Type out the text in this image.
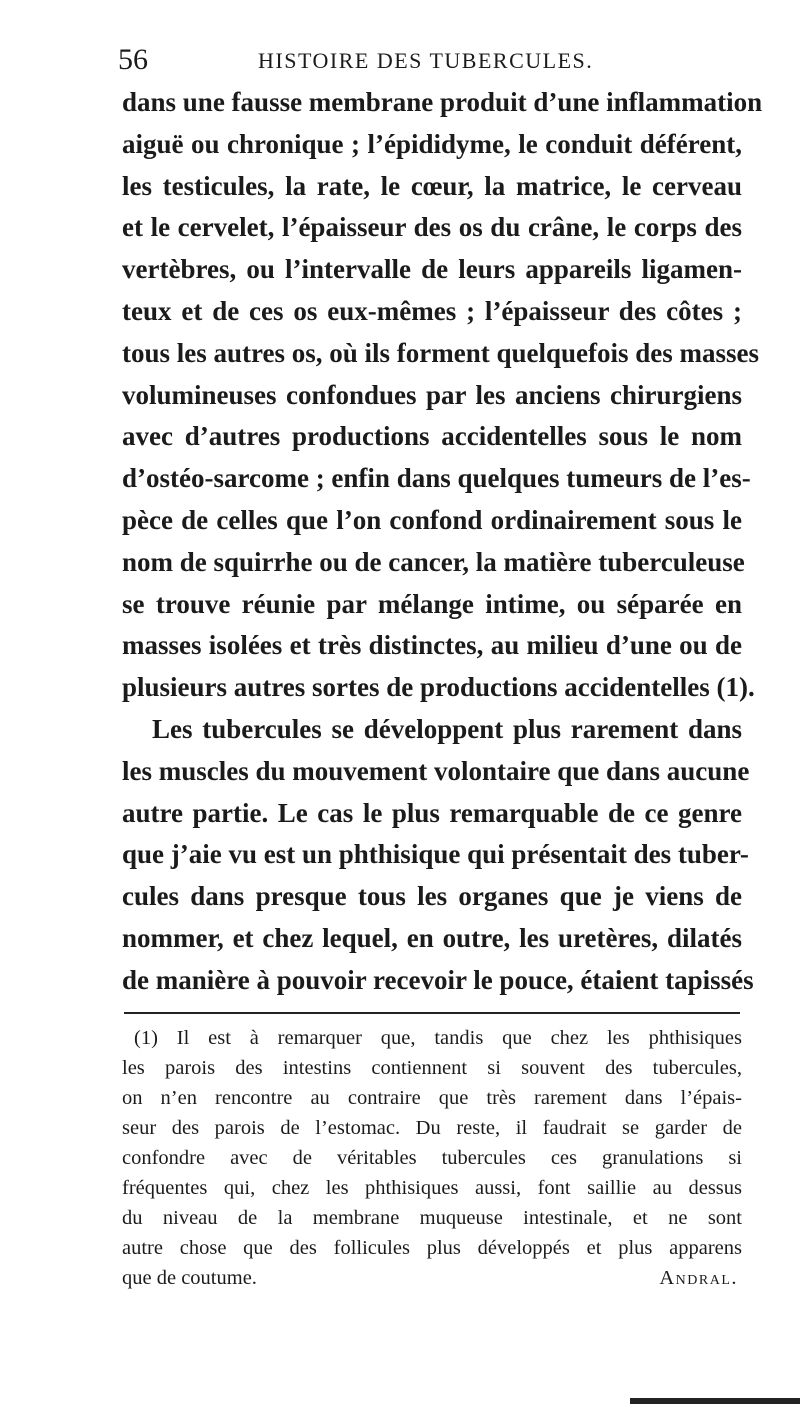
56	HISTOIRE DES TUBERCULES.
dans une fausse membrane produit d’une inflammation
aiguë ou chronique ; l’épididyme, le conduit déférent,
les testicules, la rate, le cœur, la matrice, le cerveau
et le cervelet, l’épaisseur des os du crâne, le corps des
vertèbres, ou l’intervalle de leurs appareils ligamen-
teux et de ces os eux-mêmes ; l’épaisseur des côtes ;
tous les autres os, où ils forment quelquefois des masses
volumineuses confondues par les anciens chirurgiens
avec d’autres productions accidentelles sous le nom
d’ostéo-sarcome ; enfin dans quelques tumeurs de l’es-
pèce de celles que l’on confond ordinairement sous le
nom de squirrhe ou de cancer, la matière tuberculeuse
se trouve réunie par mélange intime, ou séparée en
masses isolées et très distinctes, au milieu d’une ou de
plusieurs autres sortes de productions accidentelles (1).
Les tubercules se développent plus rarement dans
les muscles du mouvement volontaire que dans aucune
autre partie. Le cas le plus remarquable de ce genre
que j’aie vu est un phthisique qui présentait des tuber-
cules dans presque tous les organes que je viens de
nommer, et chez lequel, en outre, les uretères, dilatés
de manière à pouvoir recevoir le pouce, étaient tapissés
(1) Il est à remarquer que, tandis que chez les phthisiques
les parois des intestins contiennent si souvent des tubercules,
on n’en rencontre au contraire que très rarement dans l’épais-
seur des parois de l’estomac. Du reste, il faudrait se garder de
confondre avec de véritables tubercules ces granulations si
fréquentes qui, chez les phthisiques aussi, font saillie au dessus
du niveau de la membrane muqueuse intestinale, et ne sont
autre chose que des follicules plus développés et plus apparens
que de coutume.	Andral.
